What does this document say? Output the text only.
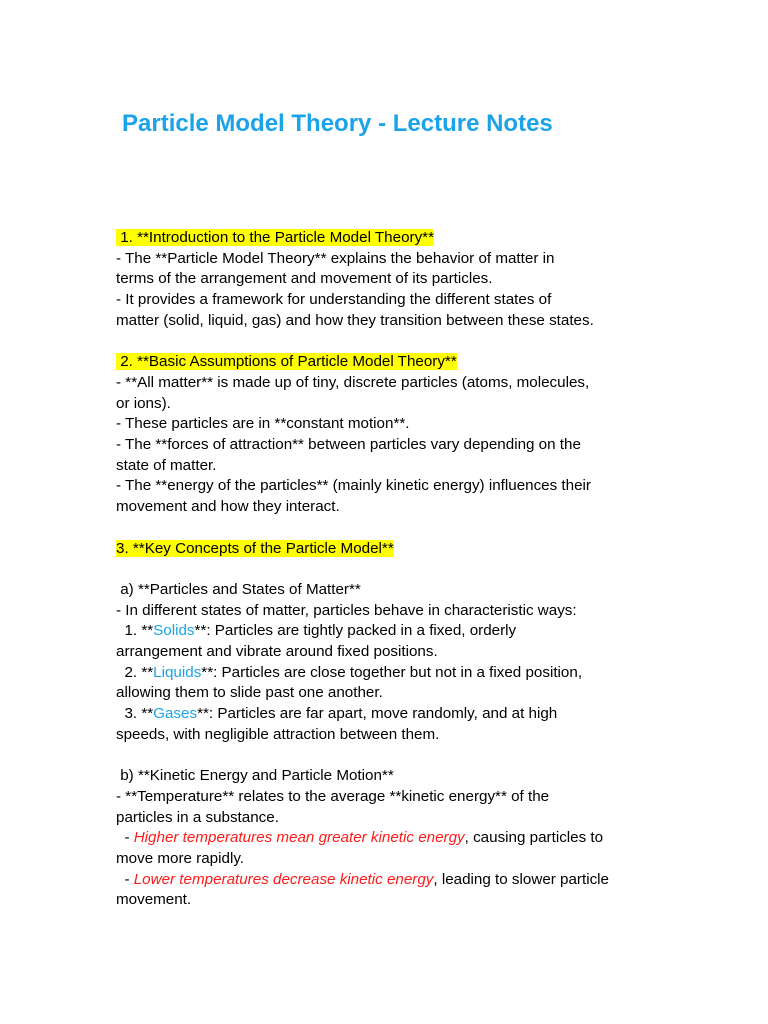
Particle Model Theory - Lecture Notes
1. **Introduction to the Particle Model Theory**
- The **Particle Model Theory** explains the behavior of matter in
terms of the arrangement and movement of its particles.
- It provides a framework for understanding the different states of
matter (solid, liquid, gas) and how they transition between these states.
2. **Basic Assumptions of Particle Model Theory**
- **All matter** is made up of tiny, discrete particles (atoms, molecules,
or ions).
- These particles are in **constant motion**.
- The **forces of attraction** between particles vary depending on the
state of matter.
- The **energy of the particles** (mainly kinetic energy) influences their
movement and how they interact.
3. **Key Concepts of the Particle Model**
a) **Particles and States of Matter**
- In different states of matter, particles behave in characteristic ways:
1. **Solids**: Particles are tightly packed in a fixed, orderly
arrangement and vibrate around fixed positions.
2. **Liquids**: Particles are close together but not in a fixed position,
allowing them to slide past one another.
3. **Gases**: Particles are far apart, move randomly, and at high
speeds, with negligible attraction between them.
b) **Kinetic Energy and Particle Motion**
- **Temperature** relates to the average **kinetic energy** of the
particles in a substance.
- Higher temperatures mean greater kinetic energy, causing particles to
move more rapidly.
- Lower temperatures decrease kinetic energy, leading to slower particle
movement.
